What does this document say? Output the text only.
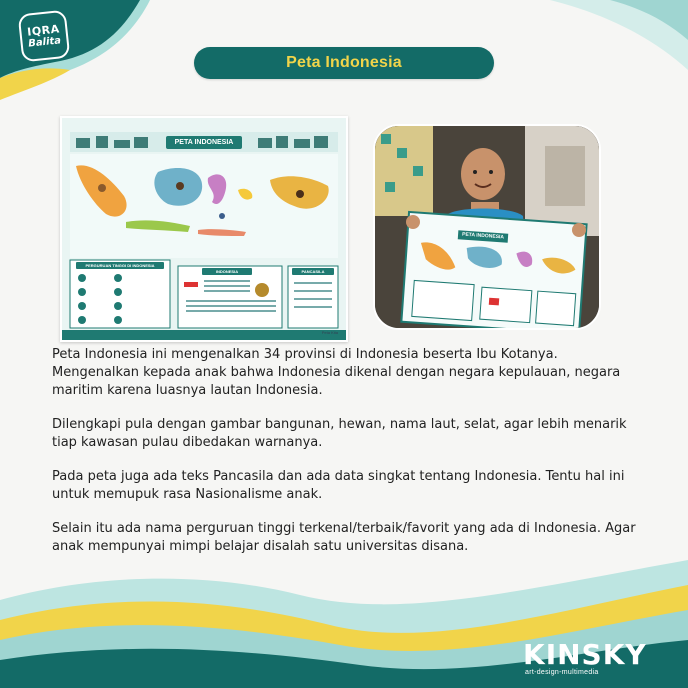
IQRA
Balita
Peta Indonesia
PETA INDONESIA
PERGURUAN TINGGI DI INDONESIA
INDONESIA	PANCASILA
Peta Kita
PETA INDONESIA

Peta Indonesia ini mengenalkan 34 provinsi di Indonesia beserta Ibu Kotanya. Mengenalkan kepada anak bahwa Indonesia dikenal dengan negara kepulauan, negara maritim karena luasnya lautan Indonesia.

Dilengkapi pula dengan gambar bangunan, hewan, nama laut, selat, agar lebih menarik tiap kawasan pulau dibedakan warnanya.

Pada peta juga ada teks Pancasila dan ada data singkat tentang Indonesia. Tentu hal ini untuk memupuk rasa Nasionalisme anak.

Selain itu ada nama perguruan tinggi terkenal/terbaik/favorit yang ada di Indonesia. Agar anak mempunyai mimpi belajar disalah satu universitas disana.

KINSKY
art-design-multimedia
